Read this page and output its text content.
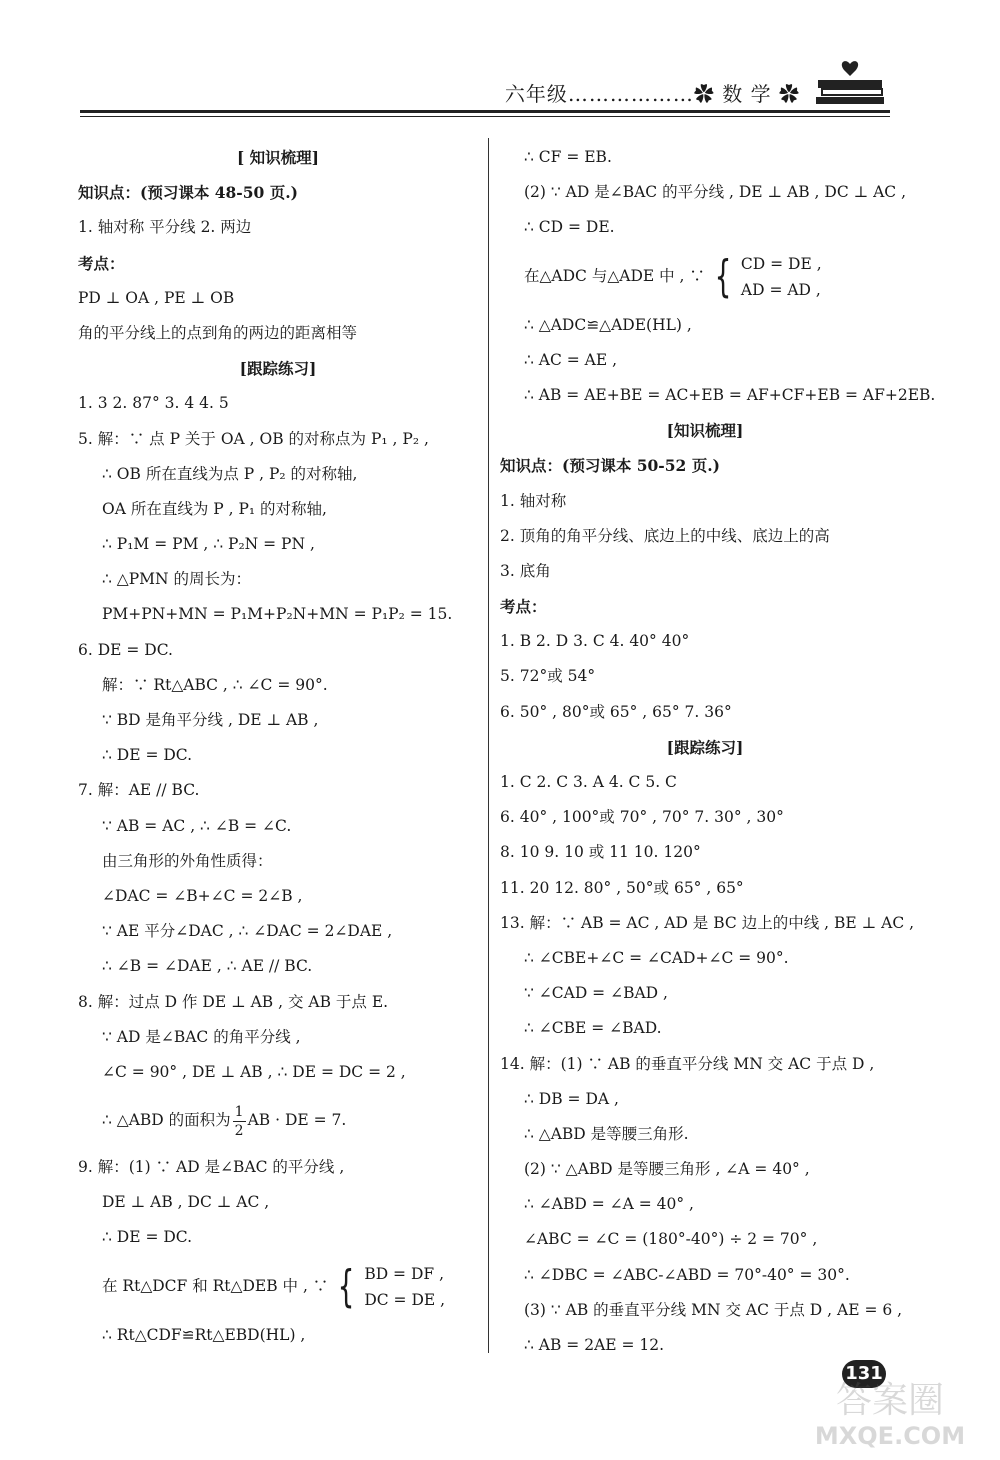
六年级………………✿ 数 学 ✿
[ 知识梳理]
知识点：(预习课本 48-50 页.)
1. 轴对称 平分线 2. 两边
考点：
PD ⊥ OA , PE ⊥ OB
角的平分线上的点到角的两边的距离相等
[跟踪练习]
1. 3 2. 87° 3. 4 4. 5
5. 解：∵ 点 P 关于 OA , OB 的对称点为 P₁ , P₂ ,
∴ OB 所在直线为点 P , P₂ 的对称轴,
OA 所在直线为 P , P₁ 的对称轴,
∴ P₁M = PM , ∴ P₂N = PN ,
∴ △PMN 的周长为：
PM+PN+MN = P₁M+P₂N+MN = P₁P₂ = 15.
6. DE = DC.
解：∵ Rt△ABC , ∴ ∠C = 90°.
∵ BD 是角平分线 , DE ⊥ AB ,
∴ DE = DC.
7. 解：AE // BC.
∵ AB = AC , ∴ ∠B = ∠C.
由三角形的外角性质得：
∠DAC = ∠B+∠C = 2∠B ,
∵ AE 平分∠DAC , ∴ ∠DAC = 2∠DAE ,
∴ ∠B = ∠DAE , ∴ AE // BC.
8. 解：过点 D 作 DE ⊥ AB , 交 AB 于点 E.
∵ AD 是∠BAC 的角平分线 ,
∠C = 90° , DE ⊥ AB , ∴ DE = DC = 2 ,
∴ △ABD 的面积为 $\frac{1}{2}$ AB · DE = 7.
9. 解：(1) ∵ AD 是∠BAC 的平分线 ,
DE ⊥ AB , DC ⊥ AC ,
∴ DE = DC.
在 Rt△DCF 和 Rt△DEB 中 , ∵ { BD = DF ,
DC = DE ,
∴ Rt△CDF≌Rt△EBD(HL) ,
∴ CF = EB.
(2) ∵ AD 是∠BAC 的平分线 , DE ⊥ AB , DC ⊥ AC ,
∴ CD = DE.
在△ADC 与△ADE 中 , ∵ { CD = DE ,
AD = AD ,
∴ △ADC≌△ADE(HL) ,
∴ AC = AE ,
∴ AB = AE+BE = AC+EB = AF+CF+EB = AF+2EB.
[知识梳理]
知识点：(预习课本 50-52 页.)
1. 轴对称
2. 顶角的角平分线、底边上的中线、底边上的高
3. 底角
考点：
1. B 2. D 3. C 4. 40° 40°
5. 72°或 54°
6. 50° , 80°或 65° , 65° 7. 36°
[跟踪练习]
1. C 2. C 3. A 4. C 5. C
6. 40° , 100°或 70° , 70° 7. 30° , 30°
8. 10 9. 10 或 11 10. 120°
11. 20 12. 80° , 50°或 65° , 65°
13. 解：∵ AB = AC , AD 是 BC 边上的中线 , BE ⊥ AC ,
∴ ∠CBE+∠C = ∠CAD+∠C = 90°.
∵ ∠CAD = ∠BAD ,
∴ ∠CBE = ∠BAD.
14. 解：(1) ∵ AB 的垂直平分线 MN 交 AC 于点 D ,
∴ DB = DA ,
∴ △ABD 是等腰三角形.
(2) ∵ △ABD 是等腰三角形 , ∠A = 40° ,
∴ ∠ABD = ∠A = 40° ,
∠ABC = ∠C = (180°-40°) ÷ 2 = 70° ,
∴ ∠DBC = ∠ABC-∠ABD = 70°-40° = 30°.
(3) ∵ AB 的垂直平分线 MN 交 AC 于点 D , AE = 6 ,
∴ AB = 2AE = 12.
131
答案圈
MXQE.COM
